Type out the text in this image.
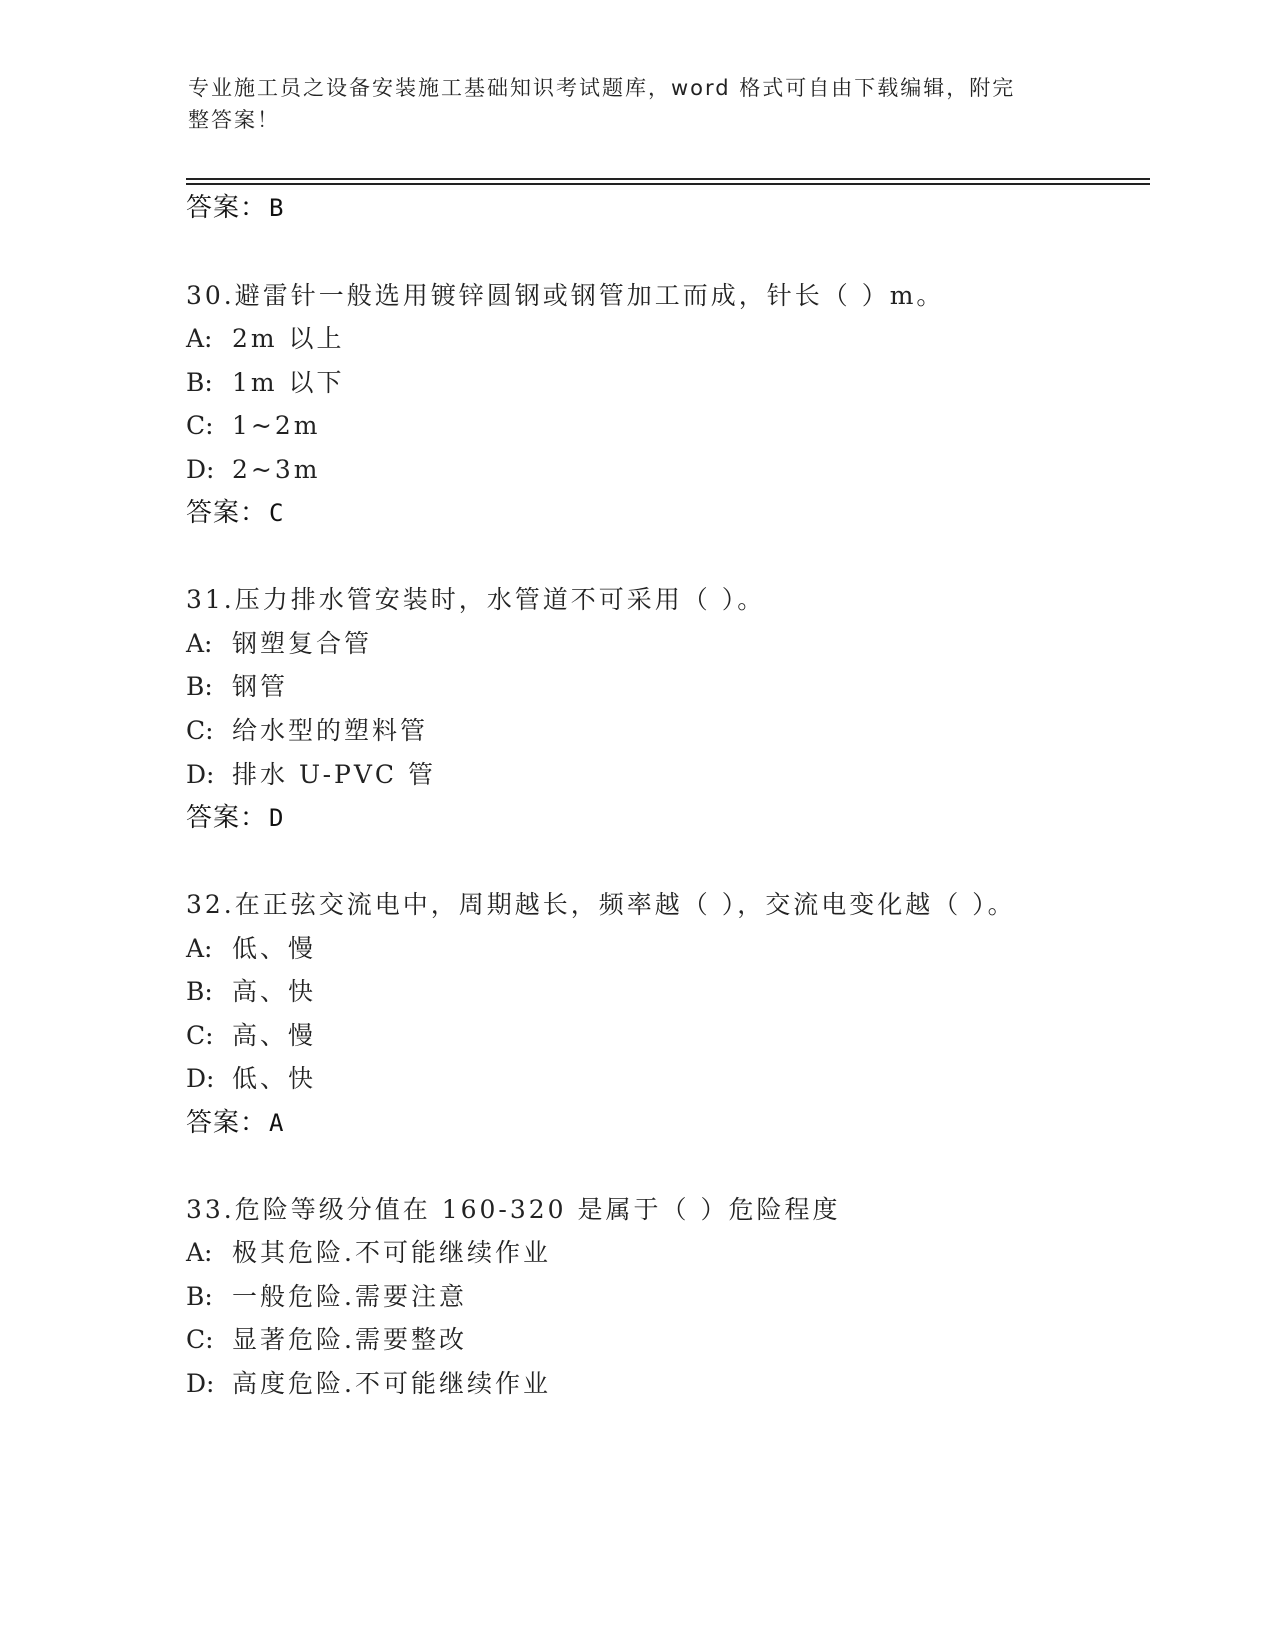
专业施工员之设备安装施工基础知识考试题库，word 格式可自由下载编辑，附完
整答案！
答案：B
30.避雷针一般选用镀锌圆钢或钢管加工而成，针长（ ）m。
A: 2m 以上
B: 1m 以下
C: 1~2m
D: 2~3m
答案：C
31.压力排水管安装时，水管道不可采用（ ）。
A: 钢塑复合管
B: 钢管
C: 给水型的塑料管
D: 排水 U-PVC 管
答案：D
32.在正弦交流电中，周期越长，频率越（ ），交流电变化越（ ）。
A: 低、慢
B: 高、快
C: 高、慢
D: 低、快
答案：A
33.危险等级分值在 160-320 是属于（ ）危险程度
A: 极其危险.不可能继续作业
B: 一般危险.需要注意
C: 显著危险.需要整改
D: 高度危险.不可能继续作业
